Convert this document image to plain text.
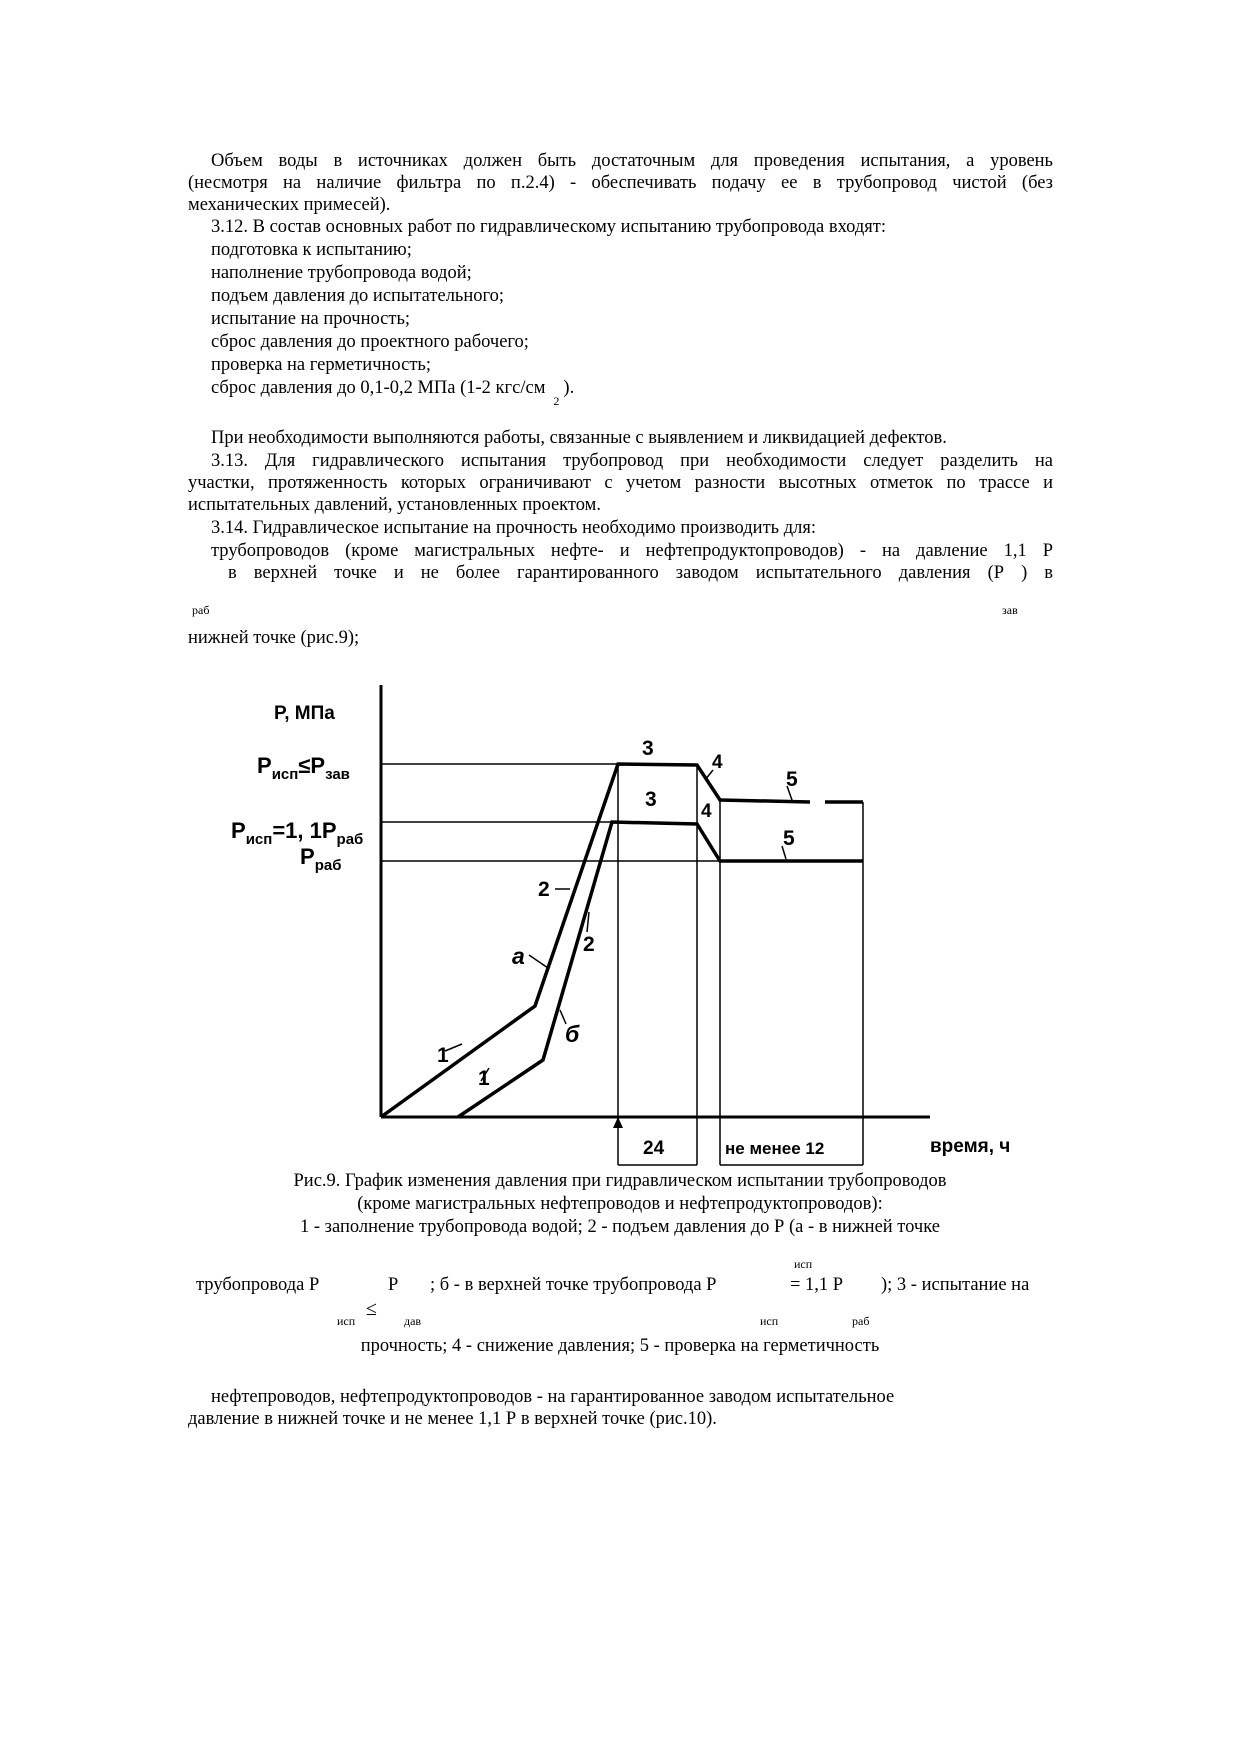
Объем воды в источниках должен быть достаточным для проведения испытания, а уровень
(несмотря на наличие фильтра по п.2.4) - обеспечивать подачу ее в трубопровод чистой (без
механических примесей).
3.12. В состав основных работ по гидравлическому испытанию трубопровода входят:
подготовка к испытанию;
наполнение трубопровода водой;
подъем давления до испытательного;
испытание на прочность;
сброс давления до проектного рабочего;
проверка на герметичность;
сброс давления до 0,1-0,2 МПа (1-2 кгс/$см_2$).
При необходимости выполняются работы, связанные с выявлением и ликвидацией дефектов.
3.13. Для гидравлического испытания трубопровод при необходимости следует разделить на
участки, протяженность которых ограничивают с учетом разности высотных отметок по трассе и
испытательных давлений, установленных проектом.
3.14. Гидравлическое испытание на прочность необходимо производить для:
трубопроводов (кроме магистральных нефте- и нефтепродуктопроводов) - на давление 1,1 Р
в верхней точке и не более гарантированного заводом испытательного давления (Р ) в
раб	зав
нижней точке (рис.9);
P, МПа
время, ч
$P_{исп}\le P_{зав}$
$P_{исп}=1$, $1P_{раб}$
$P_{раб}$
24	не менее 12
1
1
2
2
а
б
3
3
4
4
5
5
Рис.9. График изменения давления при гидравлическом испытании трубопроводов
(кроме магистральных нефтепроводов и нефтепродуктопроводов):
1 - заполнение трубопровода водой; 2 - подъем давления до Р (а - в нижней точке
исп
трубопровода Р
≤
Р ; б - в верхней точке трубопровода Р	= 1,1 Р ); 3 - испытание на
исп	дав	исп	раб
прочность; 4 - снижение давления; 5 - проверка на герметичность
нефтепроводов, нефтепродуктопроводов - на гарантированное заводом испытательное
давление в нижней точке и не менее 1,1 Р в верхней точке (рис.10).
